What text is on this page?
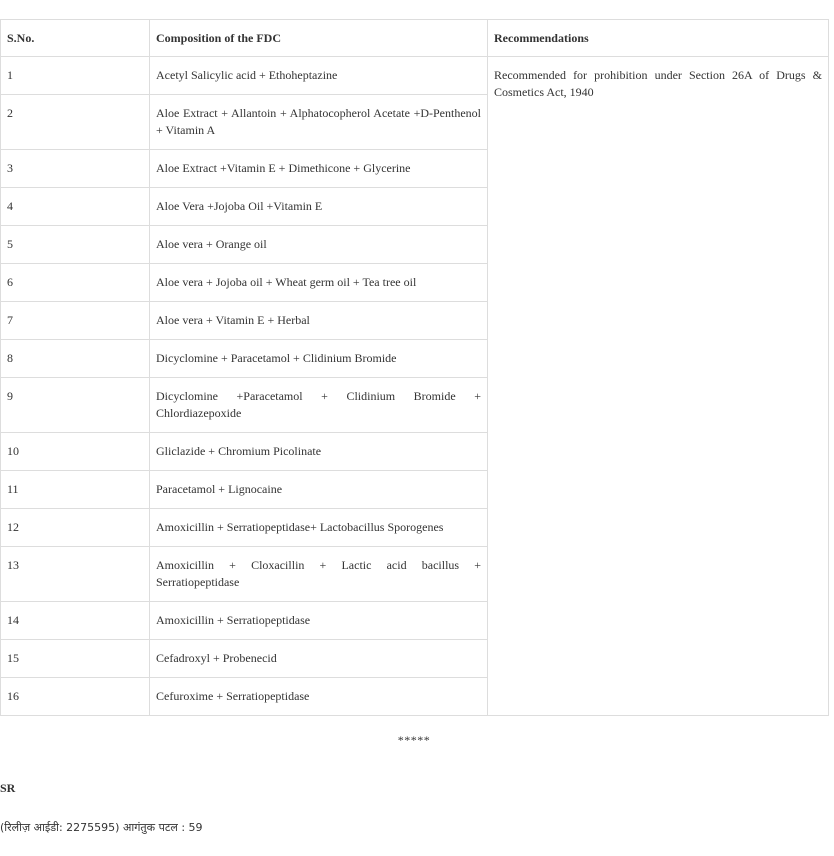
S.No.	Composition of the FDC	Recommendations
1	Acetyl Salicylic acid + Ethoheptazine	Recommended for prohibition under Section 26A of Drugs & Cosmetics Act, 1940
2	Aloe Extract + Allantoin + Alphatocopherol Acetate +D-Penthenol + Vitamin A	
3	Aloe Extract +Vitamin E + Dimethicone + Glycerine	
4	Aloe Vera +Jojoba Oil +Vitamin E	
5	Aloe vera + Orange oil	
6	Aloe vera + Jojoba oil + Wheat germ oil + Tea tree oil	
7	Aloe vera + Vitamin E + Herbal	
8	Dicyclomine + Paracetamol + Clidinium Bromide	
9	Dicyclomine +Paracetamol + Clidinium Bromide + Chlordiazepoxide	
10	Gliclazide + Chromium Picolinate	
11	Paracetamol + Lignocaine	
12	Amoxicillin + Serratiopeptidase+ Lactobacillus Sporogenes	
13	Amoxicillin + Cloxacillin + Lactic acid bacillus + Serratiopeptidase	
14	Amoxicillin + Serratiopeptidase	
15	Cefadroxyl + Probenecid	
16	Cefuroxime + Serratiopeptidase	
*****
SR
(रिलीज़ आईडी: 2275595) आगंतुक पटल : 59
